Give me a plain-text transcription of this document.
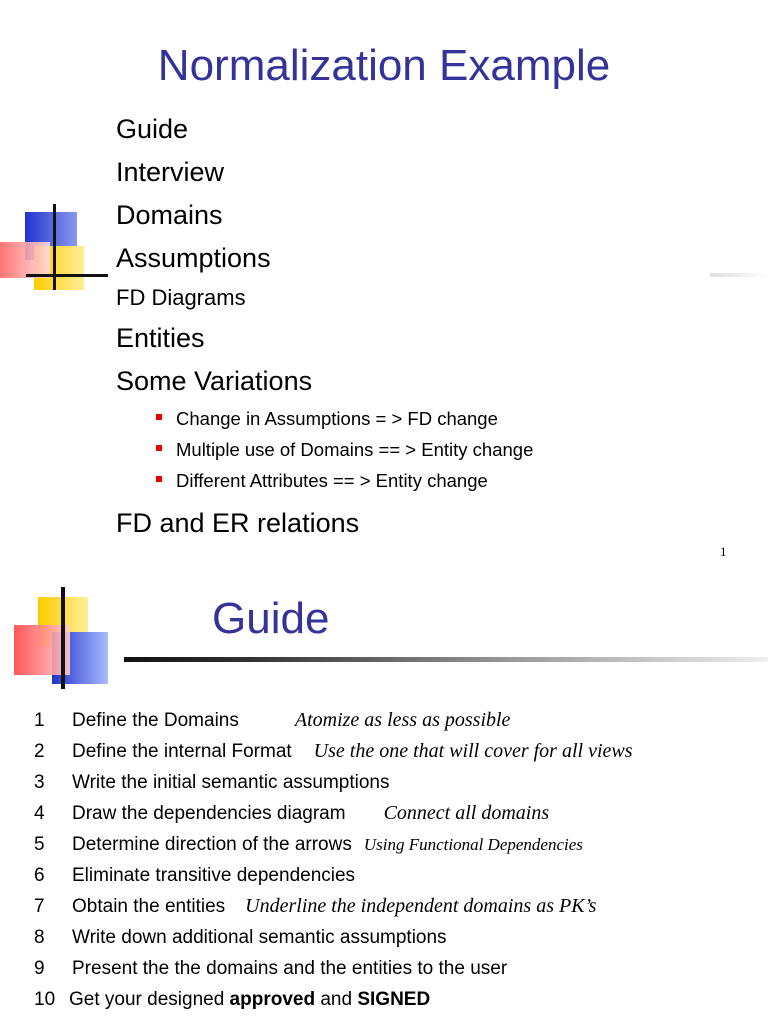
Normalization Example
Guide
Interview
Domains
Assumptions
FD Diagrams
Entities
Some Variations
Change in Assumptions = > FD change
Multiple use of Domains == > Entity change
Different Attributes == > Entity change
FD and ER relations
1
Guide
1 Define the Domains	Atomize as less as possible
2 Define the internal Format Use the one that will cover for all views
3 Write the initial semantic assumptions
4 Draw the dependencies diagram Connect all domains
5 Determine direction of the arrows Using Functional Dependencies
6 Eliminate transitive dependencies
7 Obtain the entities Underline the independent domains as PK’s
8 Write down additional semantic assumptions
9 Present the the domains and the entities to the user
10 Get your designed approved and SIGNED
